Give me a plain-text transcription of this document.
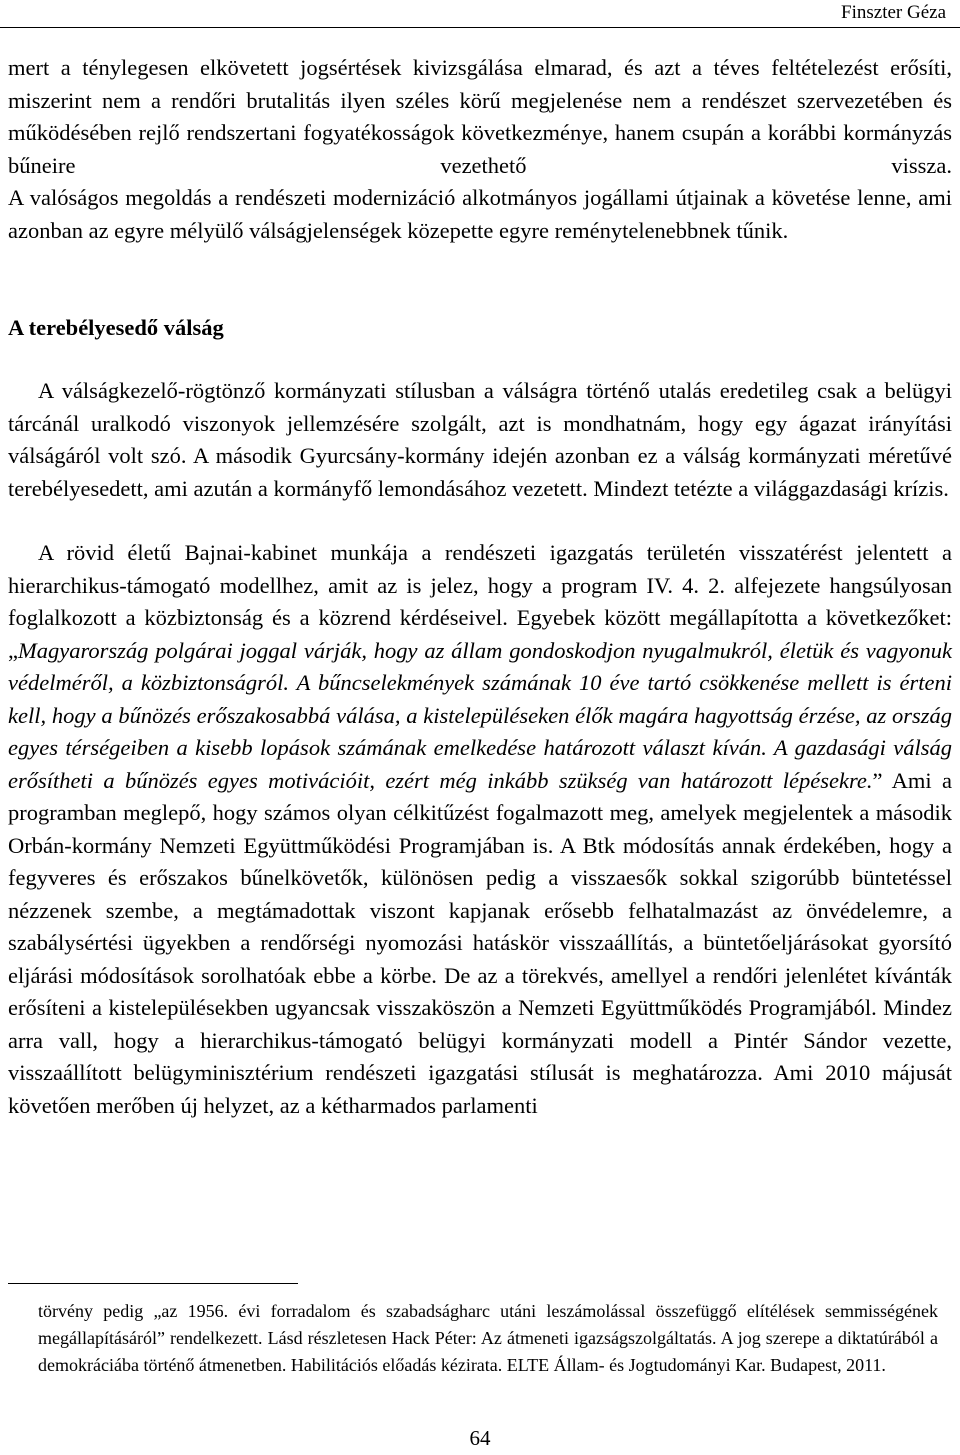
Finszter Géza

mert a ténylegesen elkövetett jogsértések kivizsgálása elmarad, és azt a téves feltételezést erősíti, miszerint nem a rendőri brutalitás ilyen széles körű megjelenése nem a rendészet szervezetében és működésében rejlő rendszertani fogyatékosságok következménye, hanem csupán a korábbi kormányzás bűneire vezethető vissza. A valóságos megoldás a rendészeti modernizáció alkotmányos jogállami útjainak a követése lenne, ami azonban az egyre mélyülő válságjelenségek közepette egyre reménytelenebbnek tűnik.

A terebélyesedő válság

A válságkezelő-rögtönző kormányzati stílusban a válságra történő utalás eredetileg csak a belügyi tárcánál uralkodó viszonyok jellemzésére szolgált, azt is mondhatnám, hogy egy ágazat irányítási válságáról volt szó. A második Gyurcsány-kormány idején azonban ez a válság kormányzati méretűvé terebélyesedett, ami azután a kormányfő lemondásához vezetett. Mindezt tetézte a világgazdasági krízis.

A rövid életű Bajnai-kabinet munkája a rendészeti igazgatás területén visszatérést jelentett a hierarchikus-támogató modellhez, amit az is jelez, hogy a program IV. 4. 2. alfejezete hangsúlyosan foglalkozott a közbiztonság és a közrend kérdéseivel. Egyebek között megállapította a következőket: „Magyarország polgárai joggal várják, hogy az állam gondoskodjon nyugalmukról, életük és vagyonuk védelméről, a közbiztonságról. A bűncselekmények számának 10 éve tartó csökkenése mellett is érteni kell, hogy a bűnözés erőszakosabbá válása, a kistelepüléseken élők magára hagyottság érzése, az ország egyes térségeiben a kisebb lopások számának emelkedése határozott választ kíván. A gazdasági válság erősítheti a bűnözés egyes motivációit, ezért még inkább szükség van határozott lépésekre.” Ami a programban meglepő, hogy számos olyan célkitűzést fogalmazott meg, amelyek megjelentek a második Orbán-kormány Nemzeti Együttműködési Programjában is. A Btk módosítás annak érdekében, hogy a fegyveres és erőszakos bűnelkövetők, különösen pedig a visszaesők sokkal szigorúbb büntetéssel nézzenek szembe, a megtámadottak viszont kapjanak erősebb felhatalmazást az önvédelemre, a szabálysértési ügyekben a rendőrségi nyomozási hatáskör visszaállítás, a büntetőeljárásokat gyorsító eljárási módosítások sorolhatóak ebbe a körbe. De az a törekvés, amellyel a rendőri jelenlétet kívánták erősíteni a kistelepülésekben ugyancsak visszaköszön a Nemzeti Együttműködés Programjából. Mindez arra vall, hogy a hierarchikus-támogató belügyi kormányzati modell a Pintér Sándor vezette, visszaállított belügyminisztérium rendészeti igazgatási stílusát is meghatározza. Ami 2010 májusát követően merőben új helyzet, az a kétharmados parlamenti

törvény pedig „az 1956. évi forradalom és szabadságharc utáni leszámolással összefüggő elítélések semmisségének megállapításáról” rendelkezett. Lásd részletesen Hack Péter: Az átmeneti igazságszolgáltatás. A jog szerepe a diktatúrából a demokráciába történő átmenetben. Habilitációs előadás kézirata. ELTE Állam- és Jogtudományi Kar. Budapest, 2011.

64
